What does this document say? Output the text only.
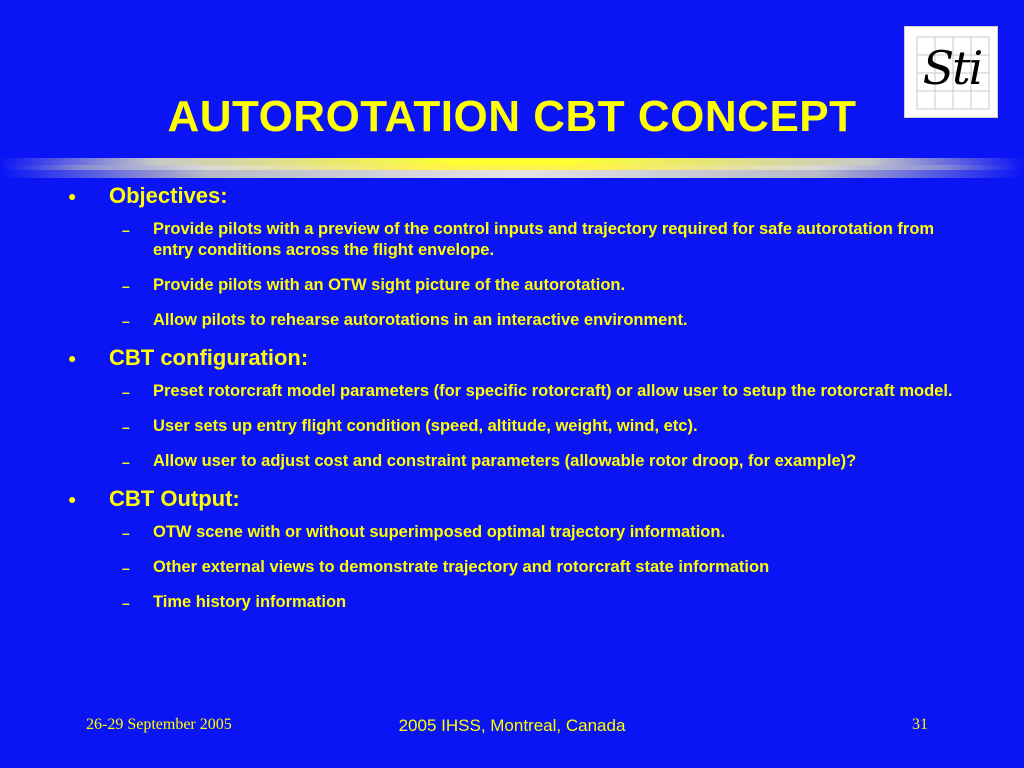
AUTOROTATION CBT CONCEPT
Sti
● Objectives:
– Provide pilots with a preview of the control inputs and trajectory required for safe autorotation from entry conditions across the flight envelope.
– Provide pilots with an OTW sight picture of the autorotation.
– Allow pilots to rehearse autorotations in an interactive environment.
● CBT configuration:
– Preset rotorcraft model parameters (for specific rotorcraft) or allow user to setup the rotorcraft model.
– User sets up entry flight condition (speed, altitude, weight, wind, etc).
– Allow user to adjust cost and constraint parameters (allowable rotor droop, for example)?
● CBT Output:
– OTW scene with or without superimposed optimal trajectory information.
– Other external views to demonstrate trajectory and rotorcraft state information
– Time history information
26-29 September 2005	2005 IHSS, Montreal, Canada	31
